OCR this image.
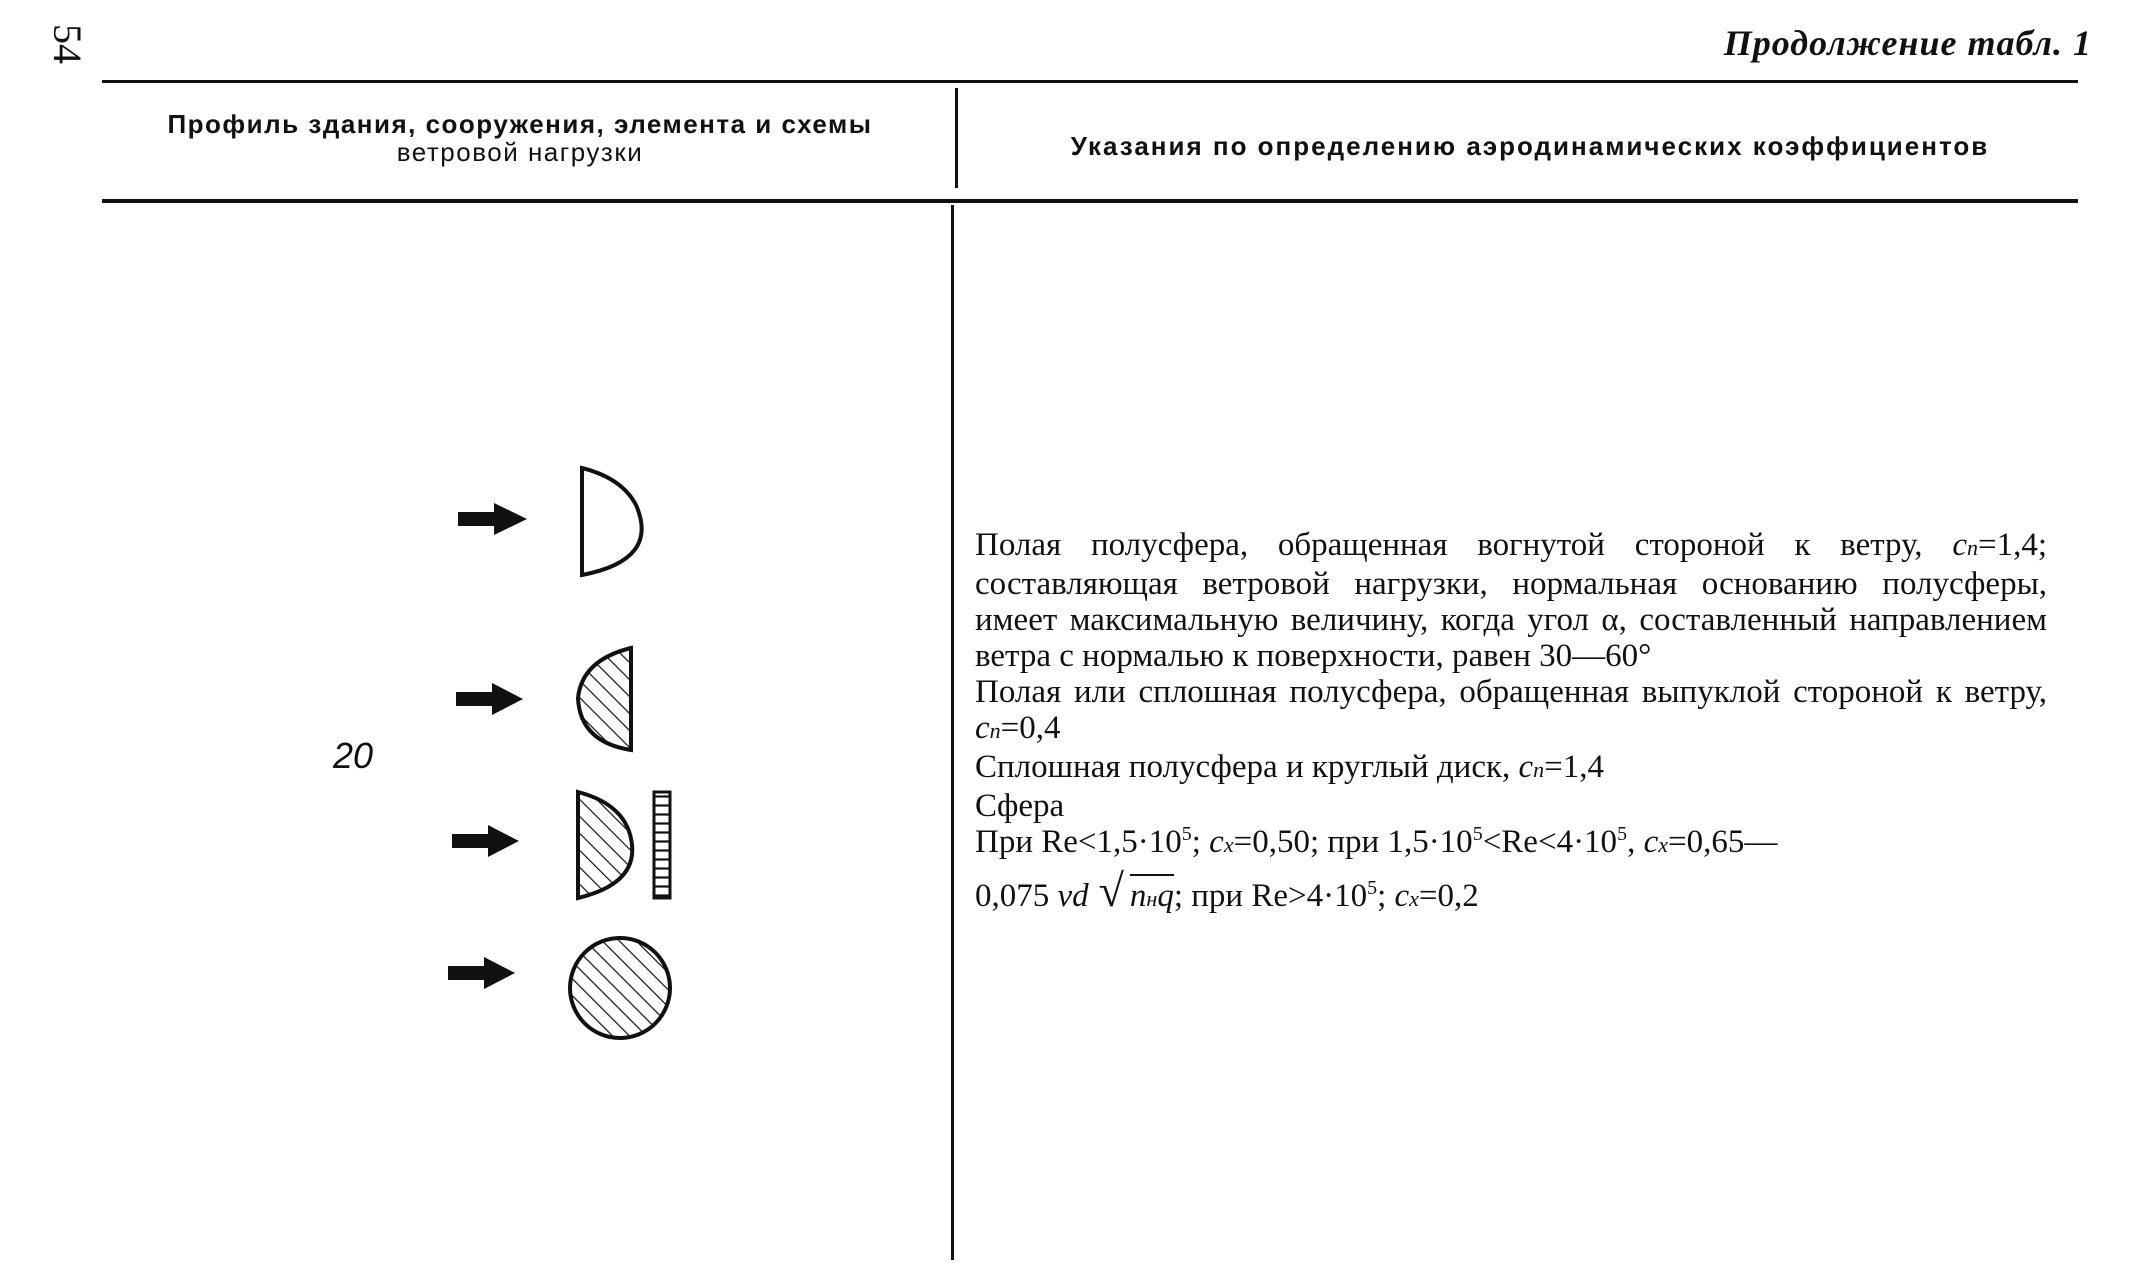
54	Продолжение табл. 1
Профиль здания, сооружения, элемента и схемы
ветровой нагрузки	Указания по определению аэродинамических коэффициентов
20

Полая полусфера, обращенная вогнутой стороной к ветру, cn=1,4; составляющая ветровой нагрузки, нормальная основанию полусферы, имеет максимальную величину, когда угол α, составленный направлением ветра с нормалью к поверхности, равен 30—60°

Полая или сплошная полусфера, обращенная выпуклой стороной к ветру, cn=0,4

Сплошная полусфера и круглый диск, cn=1,4

Сфера

При $Re<1,5\cdot 10^5$; cx=0,50; при $1,5\cdot 10^5<Re<4\cdot 10^5$, cx=0,65—

0,075 vd √ nнq; при $Re>4\cdot 10^5$; cx=0,2
